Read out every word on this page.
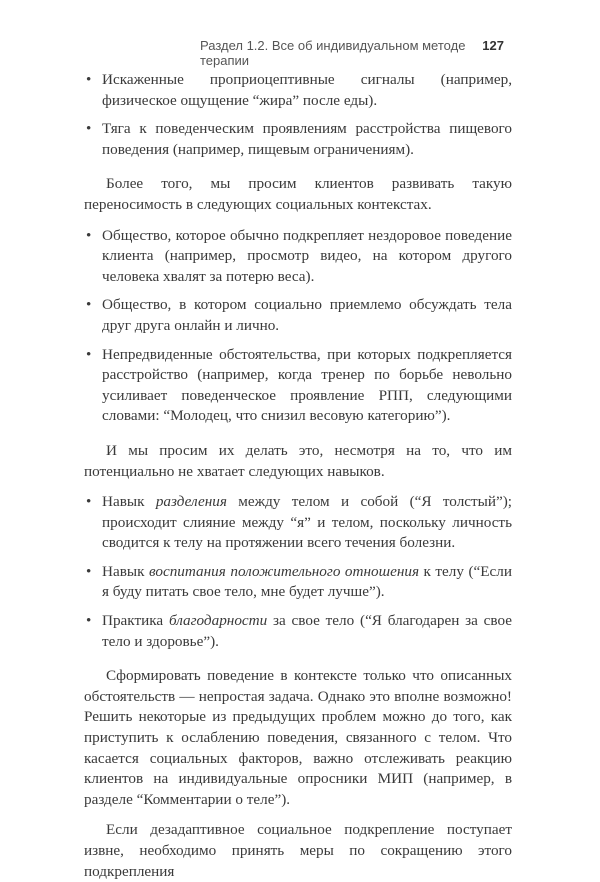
Раздел 1.2. Все об индивидуальном методе терапии
127
• Искаженные проприоцептивные сигналы (например, физическое ощущение “жира” после еды).
• Тяга к поведенческим проявлениям расстройства пищевого поведения (например, пищевым ограничениям).

Более того, мы просим клиентов развивать такую переносимость в следующих социальных контекстах.

• Общество, которое обычно подкрепляет нездоровое поведение клиента (например, просмотр видео, на котором другого человека хвалят за потерю веса).
• Общество, в котором социально приемлемо обсуждать тела друг друга онлайн и лично.
• Непредвиденные обстоятельства, при которых подкрепляется расстройство (например, когда тренер по борьбе невольно усиливает поведенческое проявление РПП, следующими словами: “Молодец, что снизил весовую категорию”).

И мы просим их делать это, несмотря на то, что им потенциально не хватает следующих навыков.

• Навык разделения между телом и собой (“Я толстый”); происходит слияние между “я” и телом, поскольку личность сводится к телу на протяжении всего течения болезни.
• Навык воспитания положительного отношения к телу (“Если я буду питать свое тело, мне будет лучше”).
• Практика благодарности за свое тело (“Я благодарен за свое тело и здоровье”).

Сформировать поведение в контексте только что описанных обстоятельств — непростая задача. Однако это вполне возможно! Решить некоторые из предыдущих проблем можно до того, как приступить к ослаблению поведения, связанного с телом. Что касается социальных факторов, важно отслеживать реакцию клиентов на индивидуальные опросники МИП (например, в разделе “Комментарии о теле”).

Если дезадаптивное социальное подкрепление поступает извне, необходимо принять меры по сокращению этого подкрепления
